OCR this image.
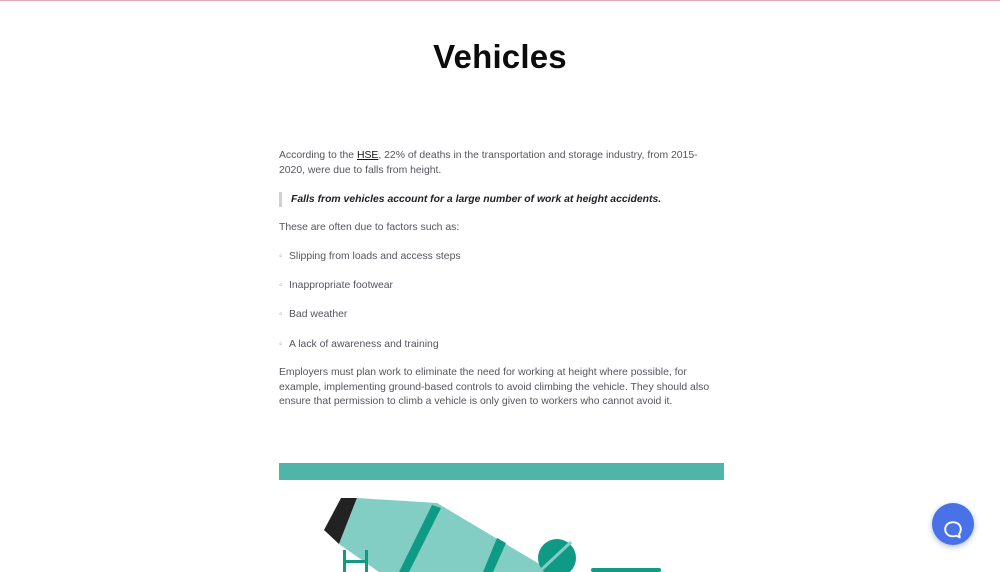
Vehicles

According to the HSE, 22% of deaths in the transportation and storage industry, from 2015-2020, were due to falls from height.

Falls from vehicles account for a large number of work at height accidents.

These are often due to factors such as:

◦ Slipping from loads and access steps
◦ Inappropriate footwear
◦ Bad weather
◦ A lack of awareness and training

Employers must plan work to eliminate the need for working at height where possible, for example, implementing ground-based controls to avoid climbing the vehicle. They should also ensure that permission to climb a vehicle is only given to workers who cannot avoid it.
